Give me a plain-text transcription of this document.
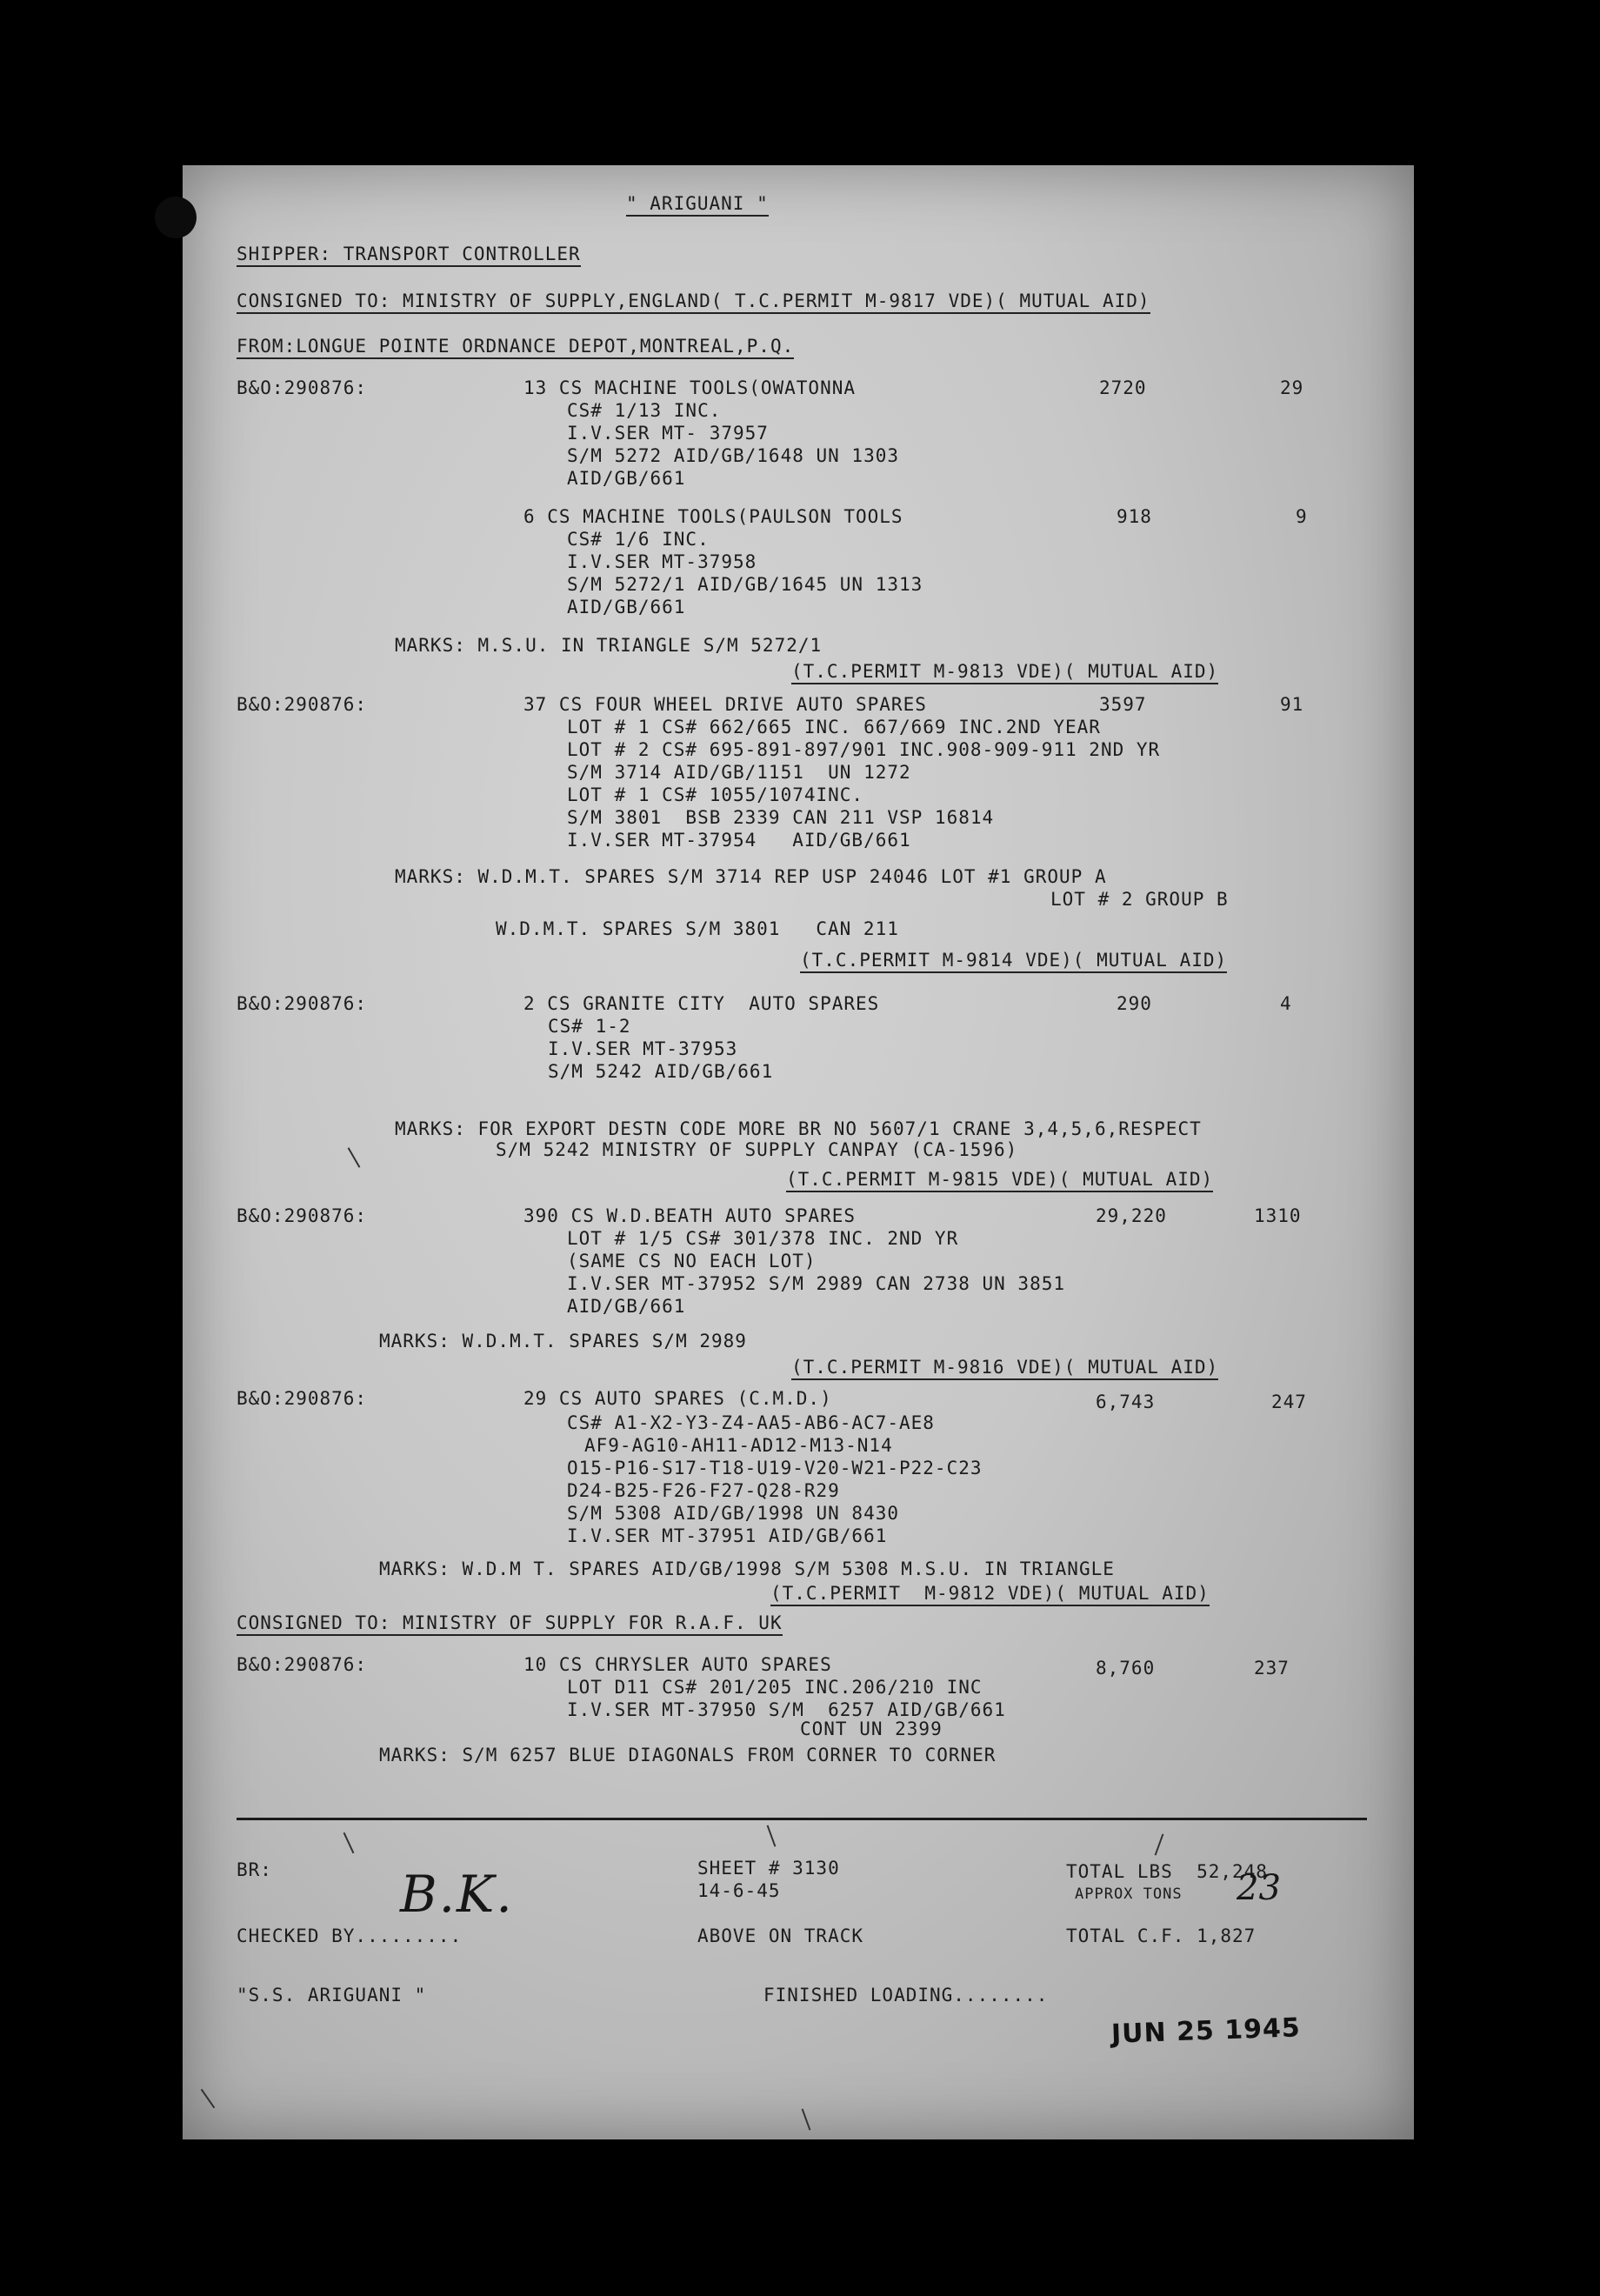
" ARIGUANI "
SHIPPER: TRANSPORT CONTROLLER
CONSIGNED TO: MINISTRY OF SUPPLY,ENGLAND( T.C.PERMIT M-9817 VDE)( MUTUAL AID)
FROM:LONGUE POINTE ORDNANCE DEPOT,MONTREAL,P.Q.
B&O:290876:	13 CS MACHINE TOOLS(OWATONNA	2720	29
CS# 1/13 INC.
I.V.SER MT- 37957
S/M 5272 AID/GB/1648 UN 1303
AID/GB/661
6 CS MACHINE TOOLS(PAULSON TOOLS	918	9
CS# 1/6 INC.
I.V.SER MT-37958
S/M 5272/1 AID/GB/1645 UN 1313
AID/GB/661
MARKS: M.S.U. IN TRIANGLE S/M 5272/1
(T.C.PERMIT M-9813 VDE)( MUTUAL AID)
B&O:290876:	37 CS FOUR WHEEL DRIVE AUTO SPARES	3597	91
LOT # 1 CS# 662/665 INC. 667/669 INC.2ND YEAR
LOT # 2 CS# 695-891-897/901 INC.908-909-911 2ND YR
S/M 3714 AID/GB/1151  UN 1272
LOT # 1 CS# 1055/1074INC.
S/M 3801  BSB 2339 CAN 211 VSP 16814
I.V.SER MT-37954   AID/GB/661
MARKS: W.D.M.T. SPARES S/M 3714 REP USP 24046 LOT #1 GROUP A
LOT # 2 GROUP B
W.D.M.T. SPARES S/M 3801   CAN 211
(T.C.PERMIT M-9814 VDE)( MUTUAL AID)
B&O:290876:	2 CS GRANITE CITY  AUTO SPARES	290	4
CS# 1-2
I.V.SER MT-37953
S/M 5242 AID/GB/661
MARKS: FOR EXPORT DESTN CODE MORE BR NO 5607/1 CRANE 3,4,5,6,RESPECT
S/M 5242 MINISTRY OF SUPPLY CANPAY (CA-1596)
(T.C.PERMIT M-9815 VDE)( MUTUAL AID)
B&O:290876:	390 CS W.D.BEATH AUTO SPARES	29,220	1310
LOT # 1/5 CS# 301/378 INC. 2ND YR
(SAME CS NO EACH LOT)
I.V.SER MT-37952 S/M 2989 CAN 2738 UN 3851
AID/GB/661
MARKS: W.D.M.T. SPARES S/M 2989
(T.C.PERMIT M-9816 VDE)( MUTUAL AID)
B&O:290876:	29 CS AUTO SPARES (C.M.D.)	6,743	247
CS# A1-X2-Y3-Z4-AA5-AB6-AC7-AE8
AF9-AG10-AH11-AD12-M13-N14
O15-P16-S17-T18-U19-V20-W21-P22-C23
D24-B25-F26-F27-Q28-R29
S/M 5308 AID/GB/1998 UN 8430
I.V.SER MT-37951 AID/GB/661
MARKS: W.D.M T. SPARES AID/GB/1998 S/M 5308 M.S.U. IN TRIANGLE
(T.C.PERMIT  M-9812 VDE)( MUTUAL AID)
CONSIGNED TO: MINISTRY OF SUPPLY FOR R.A.F. UK
B&O:290876:	10 CS CHRYSLER AUTO SPARES	8,760	237
LOT D11 CS# 201/205 INC.206/210 INC
I.V.SER MT-37950 S/M  6257 AID/GB/661
CONT UN 2399
MARKS: S/M 6257 BLUE DIAGONALS FROM CORNER TO CORNER
BR:	SHEET # 3130
14-6-45
TOTAL LBS  52,248
APPROX TONS 23
B.K.
CHECKED BY.........	ABOVE ON TRACK	TOTAL C.F. 1,827
"S.S. ARIGUANI "	FINISHED LOADING........
JUN 25 1945
